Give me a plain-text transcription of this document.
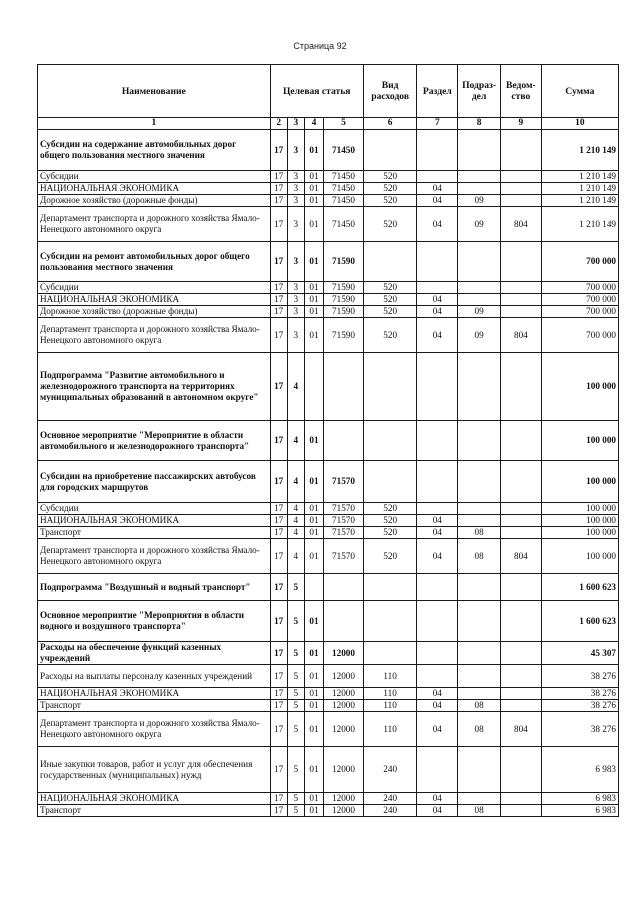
Страница 92
Наименование	Целевая статья				Вид расходов	Раздел	Подраз- дел	Ведом- ство	Сумма
1	2	3	4	5	6	7	8	9	10
Субсидии на содержание автомобильных дорог общего пользования местного значения	17	3	01	71450					1 210 149
Субсидии	17	3	01	71450	520				1 210 149
НАЦИОНАЛЬНАЯ ЭКОНОМИКА	17	3	01	71450	520	04			1 210 149
Дорожное хозяйство (дорожные фонды)	17	3	01	71450	520	04	09		1 210 149
Департамент транспорта и дорожного хозяйства Ямало-Ненецкого автономного округа	17	3	01	71450	520	04	09	804	1 210 149
Субсидии на ремонт автомобильных дорог общего пользования местного значения	17	3	01	71590					700 000
Субсидии	17	3	01	71590	520				700 000
НАЦИОНАЛЬНАЯ ЭКОНОМИКА	17	3	01	71590	520	04			700 000
Дорожное хозяйство (дорожные фонды)	17	3	01	71590	520	04	09		700 000
Департамент транспорта и дорожного хозяйства Ямало-Ненецкого автономного округа	17	3	01	71590	520	04	09	804	700 000
Подпрограмма "Развитие автомобильного и железнодорожного транспорта на территориях муниципальных образований в автономном округе"	17	4							100 000
Основное мероприятие "Мероприятие в области автомобильного и железнодорожного транспорта"	17	4	01						100 000
Субсидии на приобретение пассажирских автобусов для городских маршрутов	17	4	01	71570					100 000
Субсидии	17	4	01	71570	520				100 000
НАЦИОНАЛЬНАЯ ЭКОНОМИКА	17	4	01	71570	520	04			100 000
Транспорт	17	4	01	71570	520	04	08		100 000
Департамент транспорта и дорожного хозяйства Ямало-Ненецкого автономного округа	17	4	01	71570	520	04	08	804	100 000
Подпрограмма "Воздушный и водный транспорт"	17	5							1 600 623
Основное мероприятие "Мероприятия в области водного и воздушного транспорта"	17	5	01						1 600 623
Расходы на обеспечение функций казенных учреждений	17	5	01	12000					45 307
Расходы на выплаты персоналу казенных учреждений	17	5	01	12000	110				38 276
НАЦИОНАЛЬНАЯ ЭКОНОМИКА	17	5	01	12000	110	04			38 276
Транспорт	17	5	01	12000	110	04	08		38 276
Департамент транспорта и дорожного хозяйства Ямало-Ненецкого автономного округа	17	5	01	12000	110	04	08	804	38 276
Иные закупки товаров, работ и услуг для обеспечения государственных (муниципальных) нужд	17	5	01	12000	240				6 983
НАЦИОНАЛЬНАЯ ЭКОНОМИКА	17	5	01	12000	240	04			6 983
Транспорт	17	5	01	12000	240	04	08		6 983
